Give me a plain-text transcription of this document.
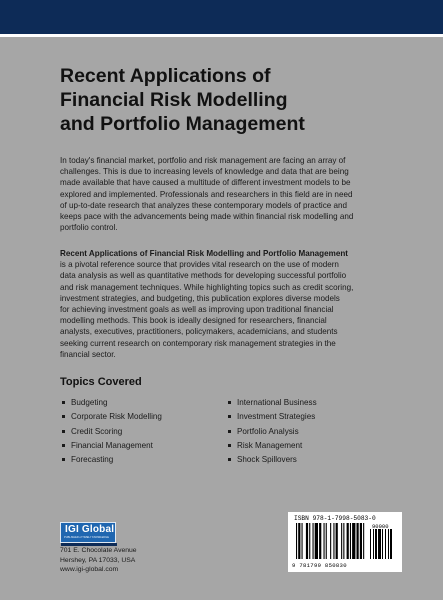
Recent Applications of
Financial Risk Modelling
and Portfolio Management
In today's financial market, portfolio and risk management are facing an array of
challenges. This is due to increasing levels of knowledge and data that are being
made available that have caused a multitude of different investment models to be
explored and implemented. Professionals and researchers in this field are in need
of up-to-date research that analyzes these contemporary models of practice and
keeps pace with the advancements being made within financial risk modelling and
portfolio control.
Recent Applications of Financial Risk Modelling and Portfolio Management
is a pivotal reference source that provides vital research on the use of modern
data analysis as well as quantitative methods for developing successful portfolio
and risk management techniques. While highlighting topics such as credit scoring,
investment strategies, and budgeting, this publication explores diverse models
for achieving investment goals as well as improving upon traditional financial
modelling methods. This book is ideally designed for researchers, financial
analysts, executives, practitioners, policymakers, academicians, and students
seeking current research on contemporary risk management strategies in the
financial sector.
Topics Covered
Budgeting
Corporate Risk Modelling
Credit Scoring
Financial Management
Forecasting
International Business
Investment Strategies
Portfolio Analysis
Risk Management
Shock Spillovers
IGI Global
PUBLISHER of TIMELY KNOWLEDGE
701 E. Chocolate Avenue
Hershey, PA 17033, USA
www.igi-global.com
ISBN 978-1-7998-5083-0
90000
9 781799 850830
